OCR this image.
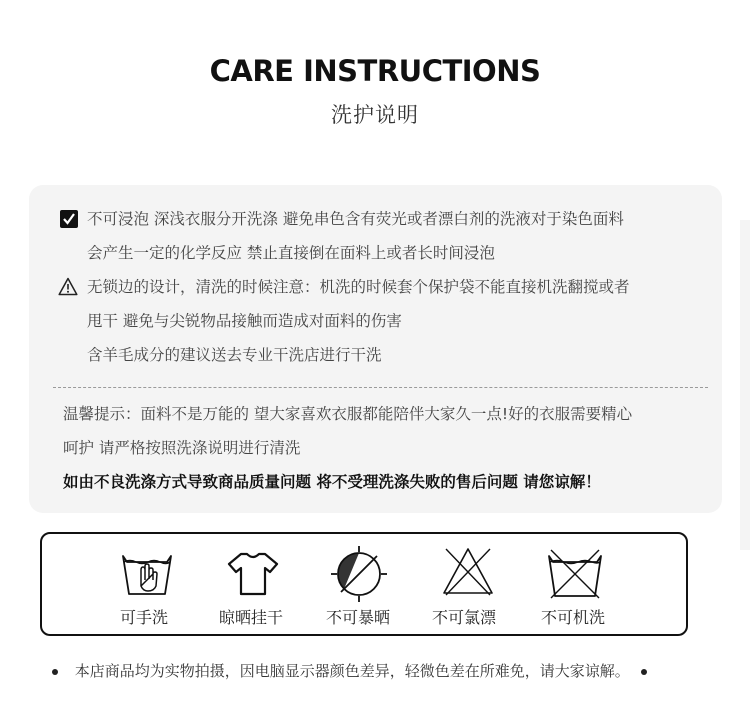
CARE INSTRUCTIONS
洗护说明
不可浸泡 深浅衣服分开洗涤 避免串色含有荧光或者漂白剂的洗液对于染色面料
会产生一定的化学反应 禁止直接倒在面料上或者长时间浸泡
无锁边的设计，清洗的时候注意：机洗的时候套个保护袋不能直接机洗翻搅或者
甩干 避免与尖锐物品接触而造成对面料的伤害
含羊毛成分的建议送去专业干洗店进行干洗
温馨提示：面料不是万能的 望大家喜欢衣服都能陪伴大家久一点!好的衣服需要精心
呵护 请严格按照洗涤说明进行清洗
如由不良洗涤方式导致商品质量问题 将不受理洗涤失败的售后问题 请您谅解！
可手洗	晾晒挂干	不可暴晒	不可氯漂	不可机洗
本店商品均为实物拍摄，因电脑显示器颜色差异，轻微色差在所难免，请大家谅解。
